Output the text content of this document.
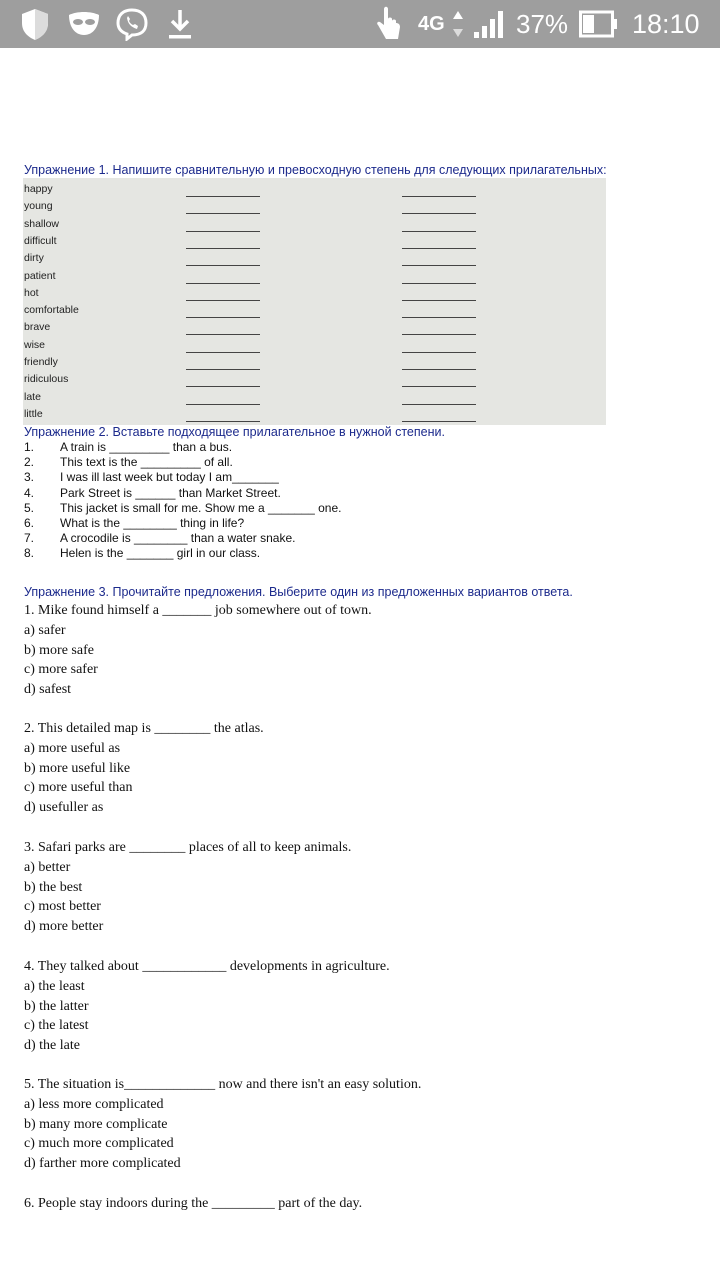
4G	37% 18:10
Упражнение 1. Напишите сравнительную и превосходную степень для следующих прилагательных:
happy
young
shallow
difficult
dirty
patient
hot
comfortable
brave
wise
friendly
ridiculous
late
little
Упражнение 2. Вставьте подходящее прилагательное в нужной степени.
1. A train is _________ than a bus.
2. This text is the _________ of all.
3. I was ill last week but today I am_______
4. Park Street is ______ than Market Street.
5. This jacket is small for me. Show me a _______ one.
6. What is the ________ thing in life?
7. A crocodile is ________ than a water snake.
8. Helen is the _______ girl in our class.
Упражнение 3. Прочитайте предложения. Выберите один из предложенных вариантов ответа.
1. Mike found himself a _______ job somewhere out of town.
a) safer
b) more safe
c) more safer
d) safest
2. This detailed map is ________ the atlas.
a) more useful as
b) more useful like
c) more useful than
d) usefuller as
3. Safari parks are ________ places of all to keep animals.
a) better
b) the best
c) most better
d) more better
4. They talked about ____________ developments in agriculture.
a) the least
b) the latter
c) the latest
d) the late
5. The situation is_____________ now and there isn't an easy solution.
a) less more complicated
b) many more complicate
c) much more complicated
d) farther more complicated
6. People stay indoors during the _________ part of the day.
